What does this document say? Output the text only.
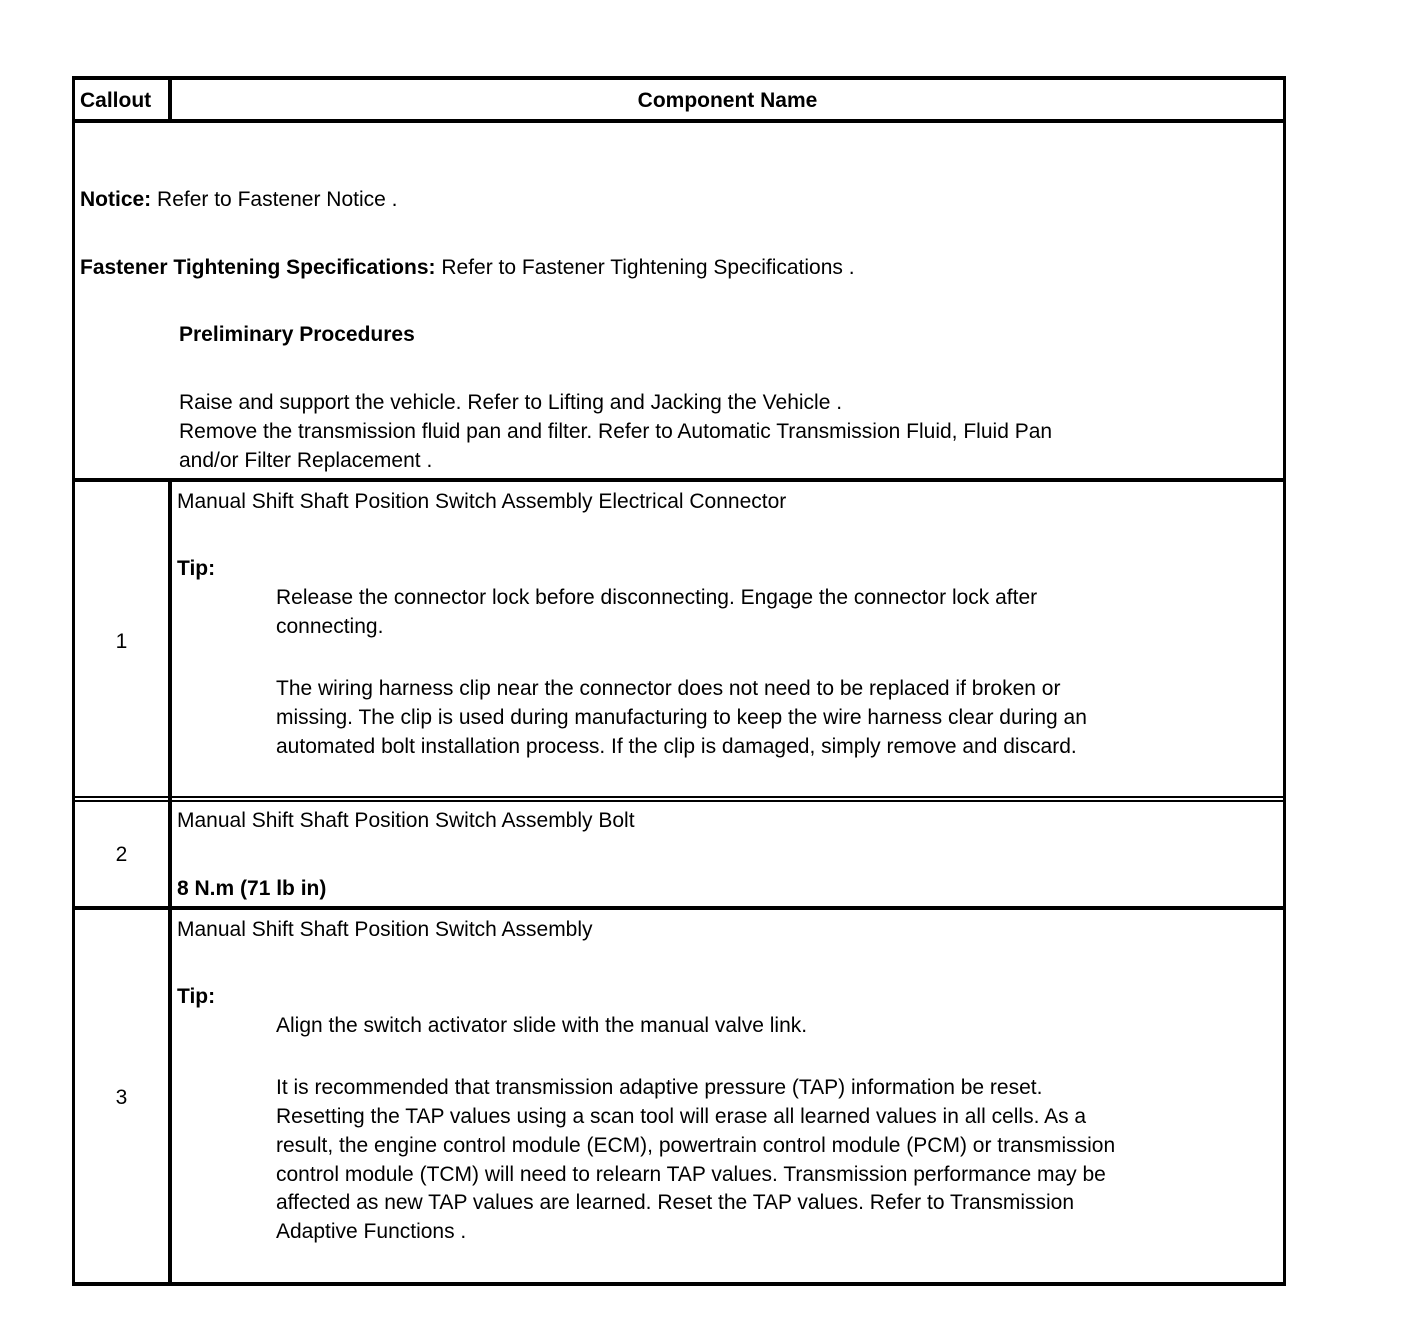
Callout	Component Name
Notice: Refer to Fastener Notice .
Fastener Tightening Specifications: Refer to Fastener Tightening Specifications .
Preliminary Procedures
Raise and support the vehicle. Refer to Lifting and Jacking the Vehicle .
Remove the transmission fluid pan and filter. Refer to Automatic Transmission Fluid, Fluid Pan
and/or Filter Replacement .
1
Manual Shift Shaft Position Switch Assembly Electrical Connector
Tip:
Release the connector lock before disconnecting. Engage the connector lock after
connecting.
The wiring harness clip near the connector does not need to be replaced if broken or
missing. The clip is used during manufacturing to keep the wire harness clear during an
automated bolt installation process. If the clip is damaged, simply remove and discard.
2
Manual Shift Shaft Position Switch Assembly Bolt
8 N.m (71 lb in)
3
Manual Shift Shaft Position Switch Assembly
Tip:
Align the switch activator slide with the manual valve link.
It is recommended that transmission adaptive pressure (TAP) information be reset.
Resetting the TAP values using a scan tool will erase all learned values in all cells. As a
result, the engine control module (ECM), powertrain control module (PCM) or transmission
control module (TCM) will need to relearn TAP values. Transmission performance may be
affected as new TAP values are learned. Reset the TAP values. Refer to Transmission
Adaptive Functions .
